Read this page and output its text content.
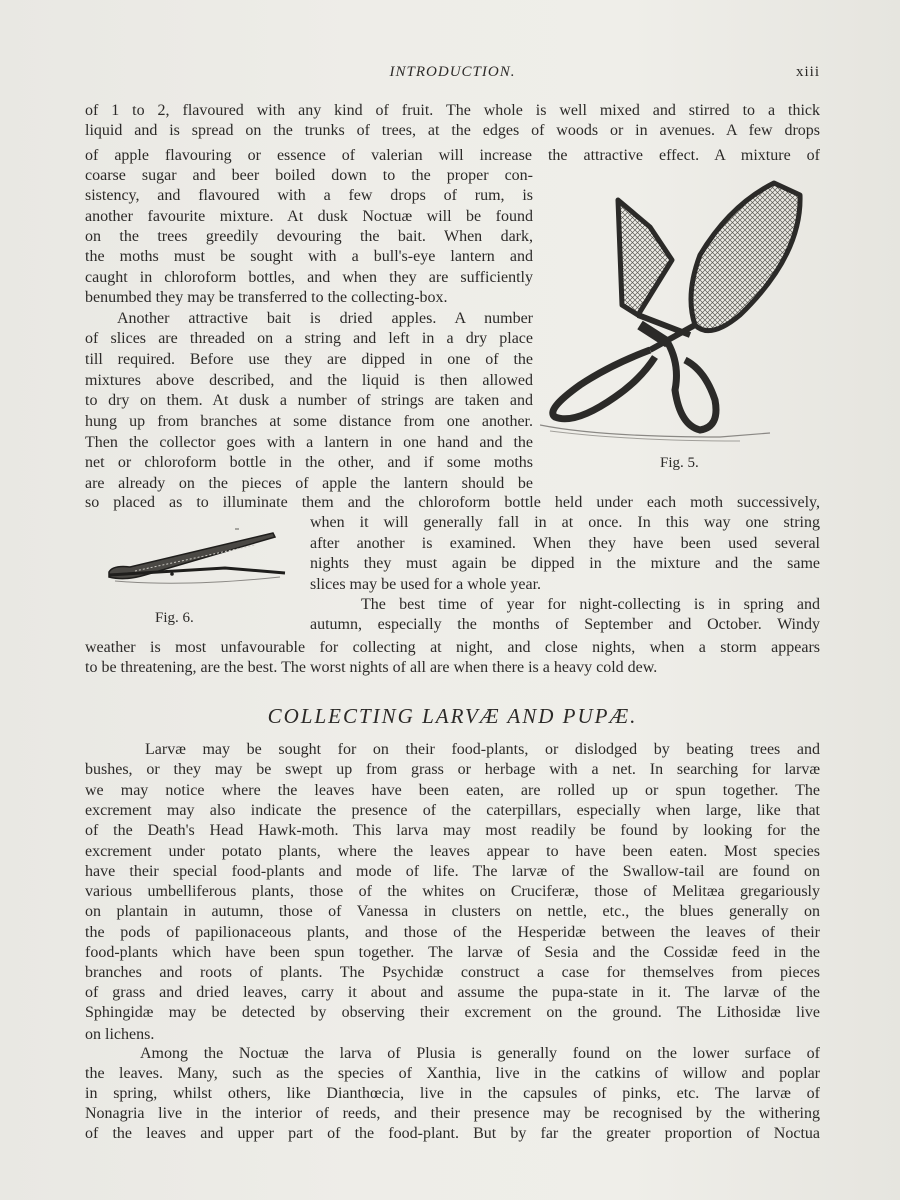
INTRODUCTION.	xiii
of 1 to 2, flavoured with any kind of fruit. The whole is well mixed and stirred to a thick
liquid and is spread on the trunks of trees, at the edges of woods or in avenues. A few drops
of apple flavouring or essence of valerian will increase the attractive effect. A mixture of
coarse sugar and beer boiled down to the proper con-
sistency, and flavoured with a few drops of rum, is
another favourite mixture. At dusk Noctuæ will be found
on the trees greedily devouring the bait. When dark,
the moths must be sought with a bull's-eye lantern and
caught in chloroform bottles, and when they are sufficiently
benumbed they may be transferred to the collecting-box.
Another attractive bait is dried apples. A number
of slices are threaded on a string and left in a dry place
till required. Before use they are dipped in one of the
mixtures above described, and the liquid is then allowed
to dry on them. At dusk a number of strings are taken and
hung up from branches at some distance from one another.
Then the collector goes with a lantern in one hand and the
net or chloroform bottle in the other, and if some moths
are already on the pieces of apple the lantern should be
so placed as to illuminate them and the chloroform bottle held under each moth successively,
when it will generally fall in at once. In this way one string
after another is examined. When they have been used several
nights they must again be dipped in the mixture and the same
slices may be used for a whole year.
The best time of year for night-collecting is in spring and
autumn, especially the months of September and October. Windy
weather is most unfavourable for collecting at night, and close nights, when a storm appears
to be threatening, are the best. The worst nights of all are when there is a heavy cold dew.
COLLECTING LARVÆ AND PUPÆ.
Larvæ may be sought for on their food-plants, or dislodged by beating trees and
bushes, or they may be swept up from grass or herbage with a net. In searching for larvæ
we may notice where the leaves have been eaten, are rolled up or spun together. The
excrement may also indicate the presence of the caterpillars, especially when large, like that
of the Death's Head Hawk-moth. This larva may most readily be found by looking for the
excrement under potato plants, where the leaves appear to have been eaten. Most species
have their special food-plants and mode of life. The larvæ of the Swallow-tail are found on
various umbelliferous plants, those of the whites on Cruciferæ, those of Melitæa gregariously
on plantain in autumn, those of Vanessa in clusters on nettle, etc., the blues generally on
the pods of papilionaceous plants, and those of the Hesperidæ between the leaves of their
food-plants which have been spun together. The larvæ of Sesia and the Cossidæ feed in the
branches and roots of plants. The Psychidæ construct a case for themselves from pieces
of grass and dried leaves, carry it about and assume the pupa-state in it. The larvæ of the
Sphingidæ may be detected by observing their excrement on the ground. The Lithosidæ live
on lichens.
Among the Noctuæ the larva of Plusia is generally found on the lower surface of
the leaves. Many, such as the species of Xanthia, live in the catkins of willow and poplar
in spring, whilst others, like Dianthœcia, live in the capsules of pinks, etc. The larvæ of
Nonagria live in the interior of reeds, and their presence may be recognised by the withering
of the leaves and upper part of the food-plant. But by far the greater proportion of Noctua
Fig. 5.
Fig. 6.
